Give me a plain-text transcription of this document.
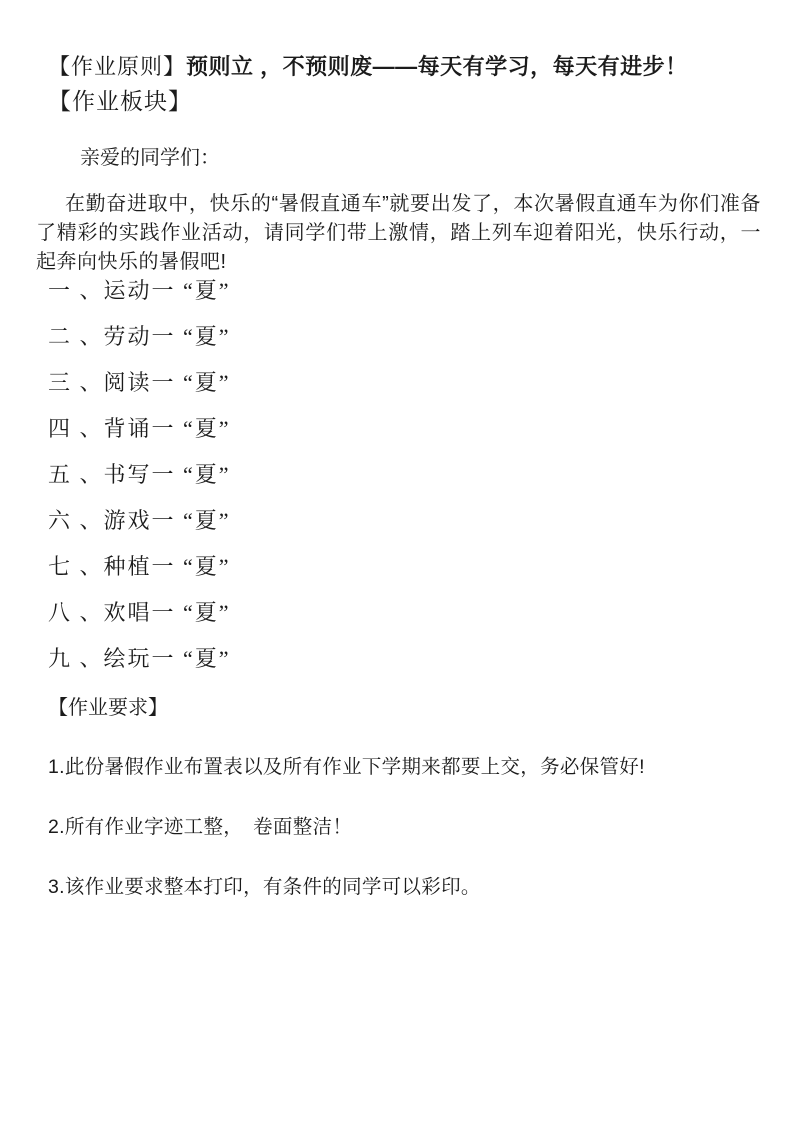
【作业原则】预则立 ，不预则废——每天有学习，每天有进步！
【作业板块】
亲爱的同学们：

在勤奋进取中，快乐的“暑假直通车”就要出发了，本次暑假直通车为你们准备了精彩的实践作业活动，请同学们带上激情，踏上列车迎着阳光，快乐行动，一起奔向快乐的暑假吧!

一 、运动一 “夏”
二 、劳动一 “夏”
三 、阅读一 “夏”
四 、背诵一 “夏”
五 、书写一 “夏”
六 、游戏一 “夏”
七 、种植一 “夏”
八 、欢唱一 “夏”
九 、绘玩一 “夏”
【作业要求】

1.此份暑假作业布置表以及所有作业下学期来都要上交，务必保管好!

2.所有作业字迹工整，　卷面整洁！

3.该作业要求整本打印，有条件的同学可以彩印。
